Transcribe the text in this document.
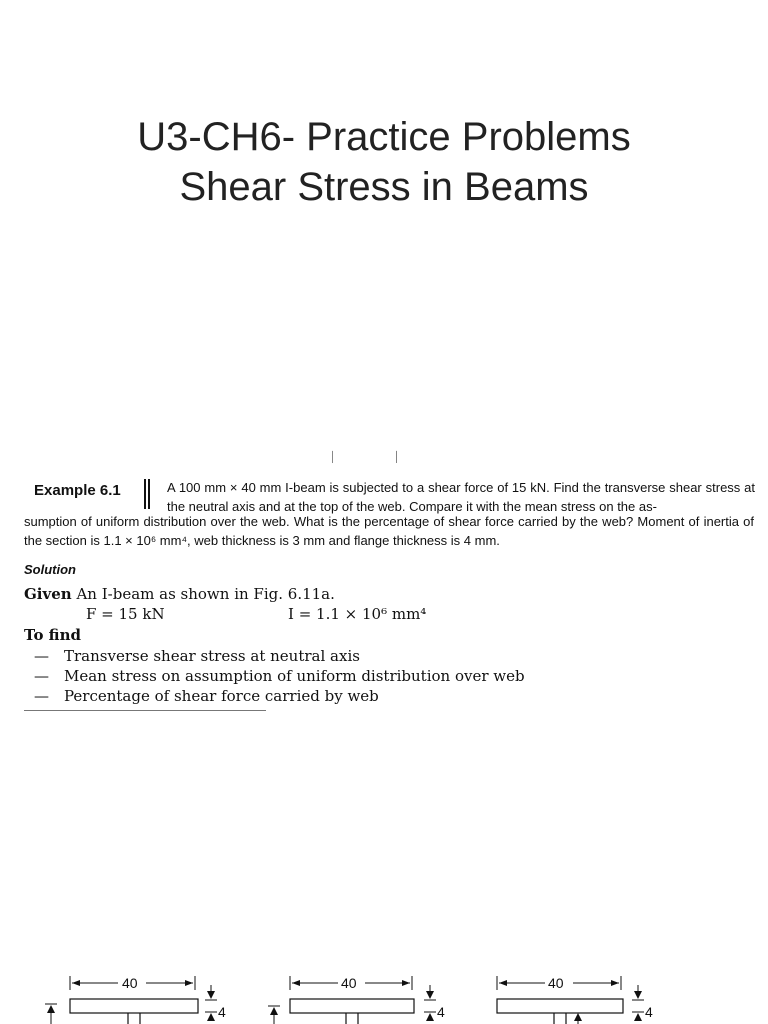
U3-CH6- Practice Problems
Shear Stress in Beams
│               │
Example 6.1	A 100 mm × 40 mm I-beam is subjected to a shear force of 15 kN. Find the transverse shear stress at the neutral axis and at the top of the web. Compare it with the mean stress on the as-
sumption of uniform distribution over the web. What is the percentage of shear force carried by the web? Moment of inertia of the section is 1.1 × 10⁶ mm⁴, web thickness is 3 mm and flange thickness is 4 mm.
Solution
Given An I-beam as shown in Fig. 6.11a.
F = 15 kN	I = 1.1 × 10⁶ mm⁴
To find
— Transverse shear stress at neutral axis
— Mean stress on assumption of uniform distribution over web
— Percentage of shear force carried by web
40
4
40
4
40
4
